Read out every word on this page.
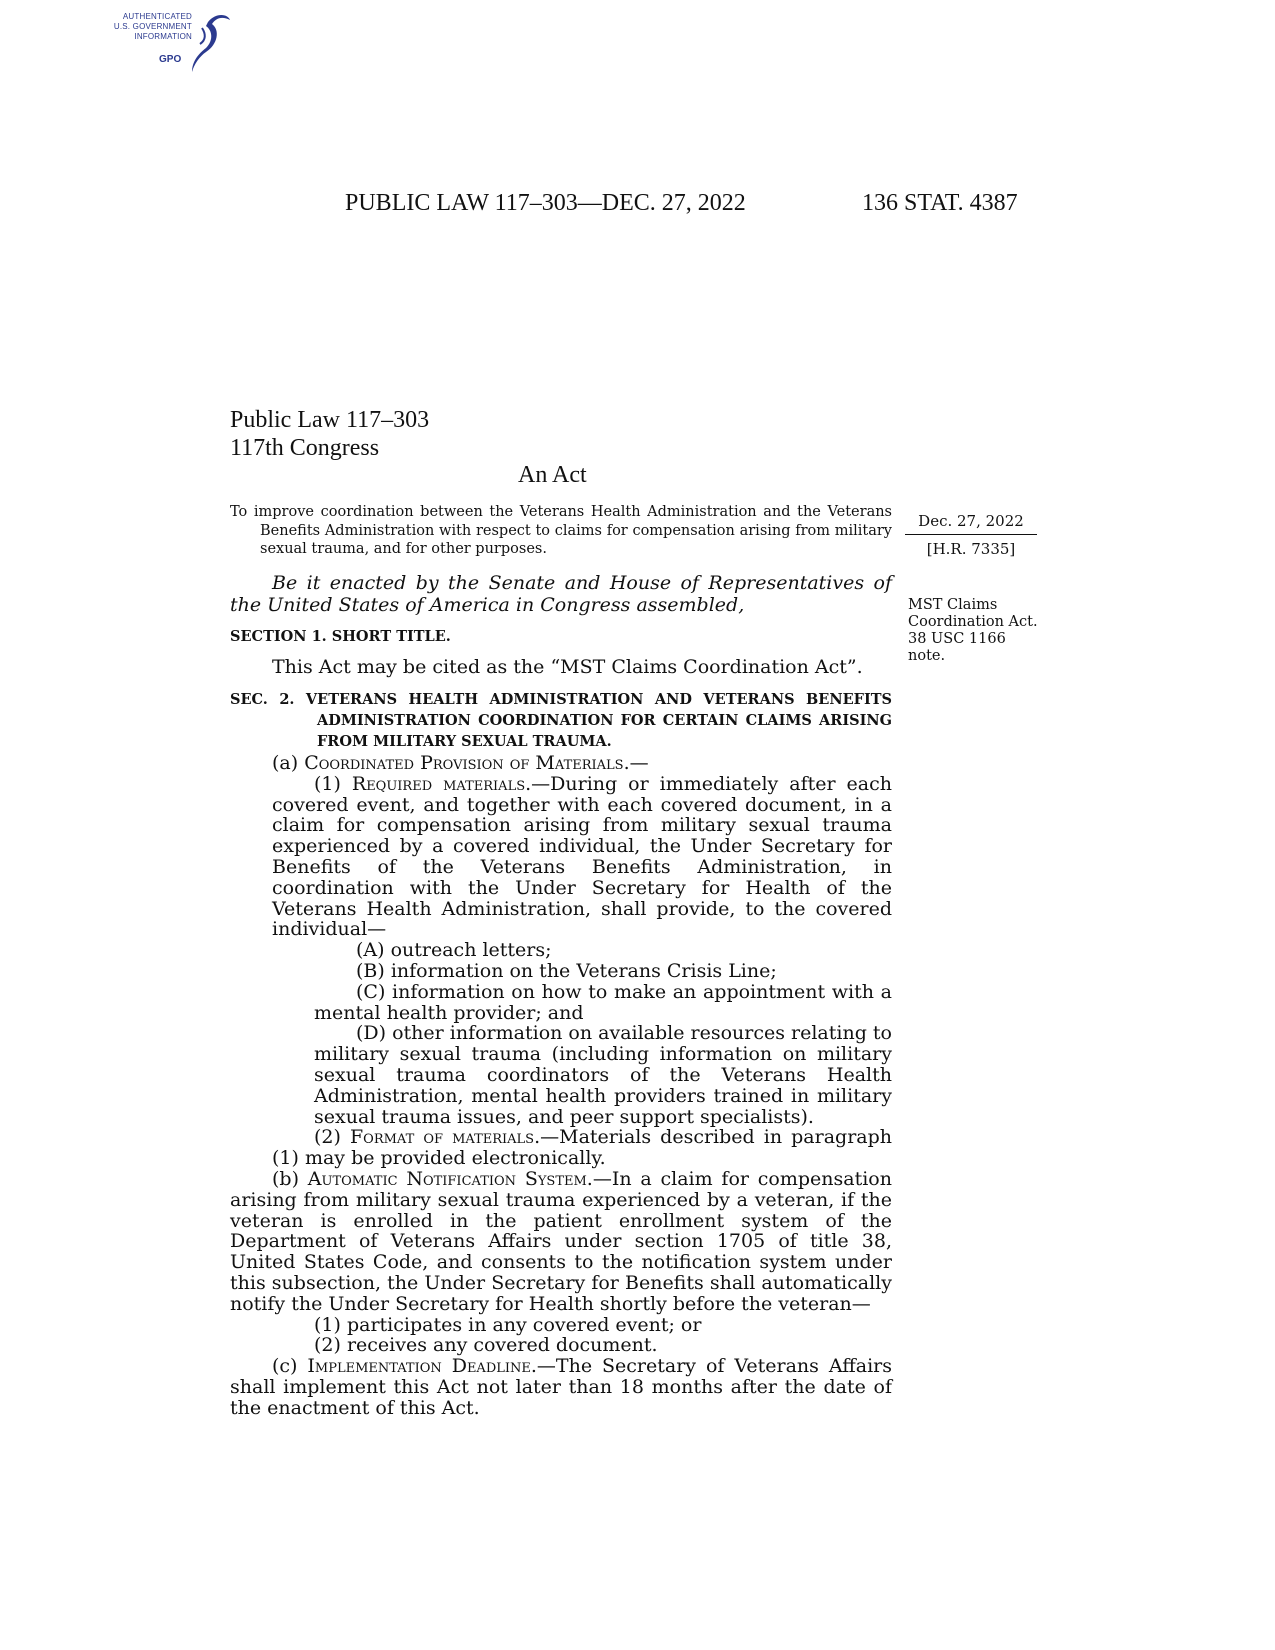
AUTHENTICATED
U.S. GOVERNMENT
INFORMATION
GPO
PUBLIC LAW 117–303—DEC. 27, 2022	136 STAT. 4387
Public Law 117–303
117th Congress
An Act

To improve coordination between the Veterans Health Administration and the Veterans Benefits Administration with respect to claims for compensation arising from military sexual trauma, and for other purposes.

Dec. 27, 2022
[H.R. 7335]
MST Claims
Coordination Act.
38 USC 1166
note.
Be it enacted by the Senate and House of Representatives of the United States of America in Congress assembled,
SECTION 1. SHORT TITLE.
This Act may be cited as the “MST Claims Coordination Act”.
SEC. 2. VETERANS HEALTH ADMINISTRATION AND VETERANS BENEFITS ADMINISTRATION COORDINATION FOR CERTAIN CLAIMS ARISING FROM MILITARY SEXUAL TRAUMA.

(a) Coordinated Provision of Materials.—

(1) Required materials.—During or immediately after each covered event, and together with each covered document, in a claim for compensation arising from military sexual trauma experienced by a covered individual, the Under Secretary for Benefits of the Veterans Benefits Administration, in coordination with the Under Secretary for Health of the Veterans Health Administration, shall provide, to the covered individual—

(A) outreach letters;

(B) information on the Veterans Crisis Line;

(C) information on how to make an appointment with a mental health provider; and

(D) other information on available resources relating to military sexual trauma (including information on military sexual trauma coordinators of the Veterans Health Administration, mental health providers trained in military sexual trauma issues, and peer support specialists).

(2) Format of materials.—Materials described in paragraph (1) may be provided electronically.

(b) Automatic Notification System.—In a claim for compensation arising from military sexual trauma experienced by a veteran, if the veteran is enrolled in the patient enrollment system of the Department of Veterans Affairs under section 1705 of title 38, United States Code, and consents to the notification system under this subsection, the Under Secretary for Benefits shall automatically notify the Under Secretary for Health shortly before the veteran—

(1) participates in any covered event; or

(2) receives any covered document.

(c) Implementation Deadline.—The Secretary of Veterans Affairs shall implement this Act not later than 18 months after the date of the enactment of this Act.
